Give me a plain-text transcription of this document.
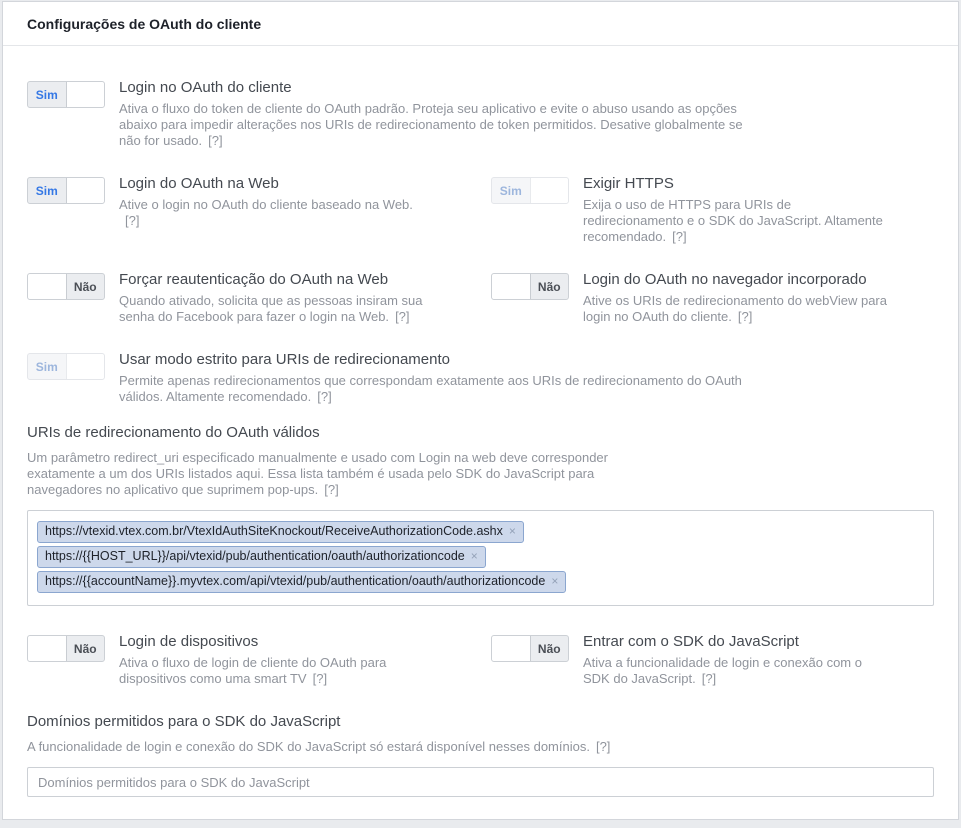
Configurações de OAuth do cliente
Sim	Login no OAuth do cliente

Ativa o fluxo do token de cliente do OAuth padrão. Proteja seu aplicativo e evite o abuso usando as opções abaixo para impedir alterações nos URIs de redirecionamento de token permitidos. Desative globalmente se não for usado. [?]

Sim	Login do OAuth na Web

Ative o login no OAuth do cliente baseado na Web.[?]

Sim	Exigir HTTPS

Exija o uso de HTTPS para URIs de redirecionamento e o SDK do JavaScript. Altamente recomendado. [?]

Não	Forçar reautenticação do OAuth na Web

Quando ativado, solicita que as pessoas insiram sua senha do Facebook para fazer o login na Web. [?]

Não	Login do OAuth no navegador incorporado

Ative os URIs de redirecionamento do webView para login no OAuth do cliente. [?]

Sim	Usar modo estrito para URIs de redirecionamento

Permite apenas redirecionamentos que correspondam exatamente aos URIs de redirecionamento do OAuth válidos. Altamente recomendado. [?]

URIs de redirecionamento do OAuth válidos

Um parâmetro redirect_uri especificado manualmente e usado com Login na web deve corresponder exatamente a um dos URIs listados aqui. Essa lista também é usada pelo SDK do JavaScript para navegadores no aplicativo que suprimem pop-ups. [?]

https://vtexid.vtex.com.br/VtexIdAuthSiteKnockout/ReceiveAuthorizationCode.ashx ×
https://{{HOST_URL}}/api/vtexid/pub/authentication/oauth/authorizationcode ×
https://{{accountName}}.myvtex.com/api/vtexid/pub/authentication/oauth/authorizationcode ×
Não	Login de dispositivos

Ativa o fluxo de login de cliente do OAuth para dispositivos como uma smart TV [?]

Não	Entrar com o SDK do JavaScript

Ativa a funcionalidade de login e conexão com o SDK do JavaScript. [?]

Domínios permitidos para o SDK do JavaScript

A funcionalidade de login e conexão do SDK do JavaScript só estará disponível nesses domínios. [?]

Domínios permitidos para o SDK do JavaScript
